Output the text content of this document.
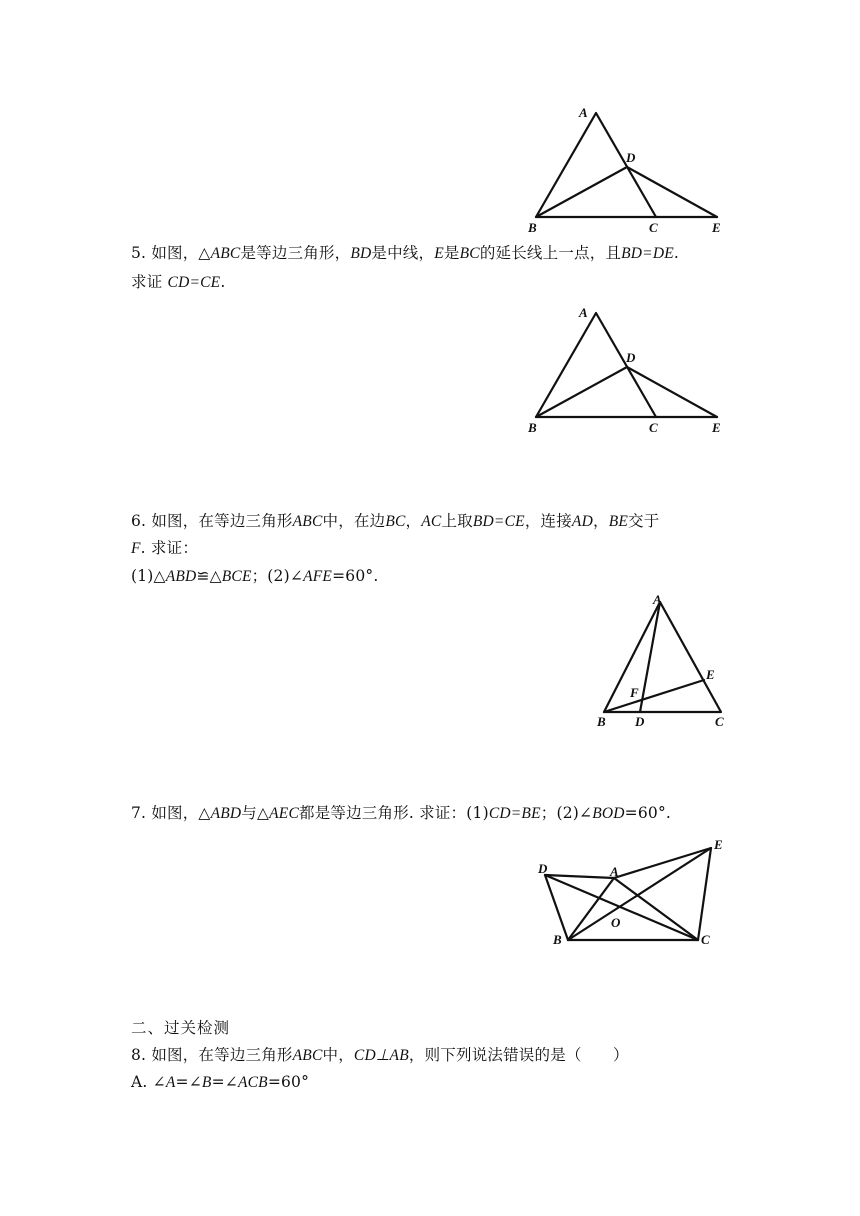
A
D
B	C	E
5. 如图，△ABC是等边三角形，BD是中线，E是BC的延长线上一点，且BD=DE.
求证 CD=CE.
A
D
B	C	E
6. 如图，在等边三角形ABC中，在边BC，AC上取BD=CE，连接AD，BE交于
F. 求证：
(1)△ABD≌△BCE；(2)∠AFE=60°.
A
E
F
B D	C
7. 如图，△ABD与△AEC都是等边三角形. 求证：(1)CD=BE；(2)∠BOD=60°.
D	A
E
O
B	C
二、过关检测
8. 如图，在等边三角形ABC中，CD⊥AB，则下列说法错误的是（　　）
A. ∠A=∠B=∠ACB=60°
